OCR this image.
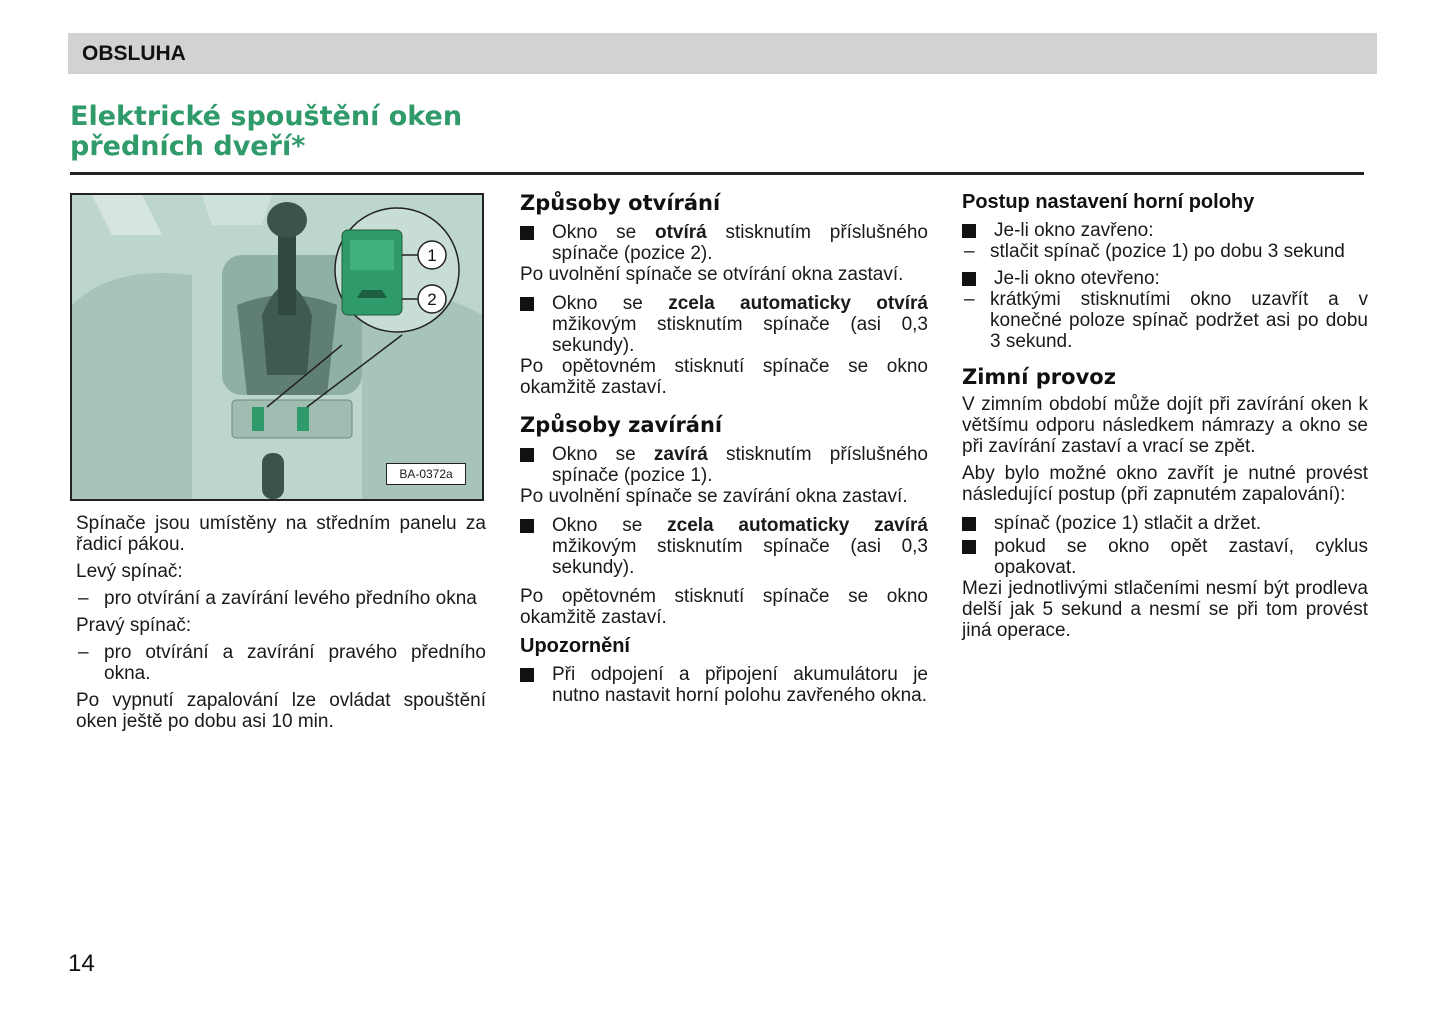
OBSLUHA
Elektrické spouštění oken
předních dveří*
1
2
BA-0372a

Spínače jsou umístěny na středním panelu za řadicí pákou.

Levý spínač:

– pro otvírání a zavírání levého předního okna

Pravý spínač:

– pro otvírání a zavírání pravého předního okna.

Po vypnutí zapalování lze ovládat spouštění oken ještě po dobu asi 10 min.

Způsoby otvírání
Okno se otvírá stisknutím příslušného spínače (pozice 2).

Po uvolnění spínače se otvírání okna zastaví.

Okno se zcela automaticky otvírá mžikovým stisknutím spínače (asi 0,3 sekundy).

Po opětovném stisknutí spínače se okno okamžitě zastaví.

Způsoby zavírání
Okno se zavírá stisknutím příslušného spínače (pozice 1).

Po uvolnění spínače se zavírání okna zastaví.

Okno se zcela automaticky zavírá mžikovým stisknutím spínače (asi 0,3 sekundy).

Po opětovném stisknutí spínače se okno okamžitě zastaví.

Upozornění
Při odpojení a připojení akumulátoru je nutno nastavit horní polohu zavřeného okna.
Postup nastavení horní polohy
Je-li okno zavřeno:
– stlačit spínač (pozice 1) po dobu 3 sekund
Je-li okno otevřeno:
– krátkými stisknutími okno uzavřít a v konečné poloze spínač podržet asi po dobu 3 sekund.
Zimní provoz

V zimním období může dojít při zavírání oken k většímu odporu následkem námrazy a okno se při zavírání zastaví a vrací se zpět.

Aby bylo možné okno zavřít je nutné provést následující postup (při zapnutém zapalování):

spínač (pozice 1) stlačit a držet.
pokud se okno opět zastaví, cyklus opakovat.

Mezi jednotlivými stlačeními nesmí být prodleva delší jak 5 sekund a nesmí se při tom provést jiná operace.

14
